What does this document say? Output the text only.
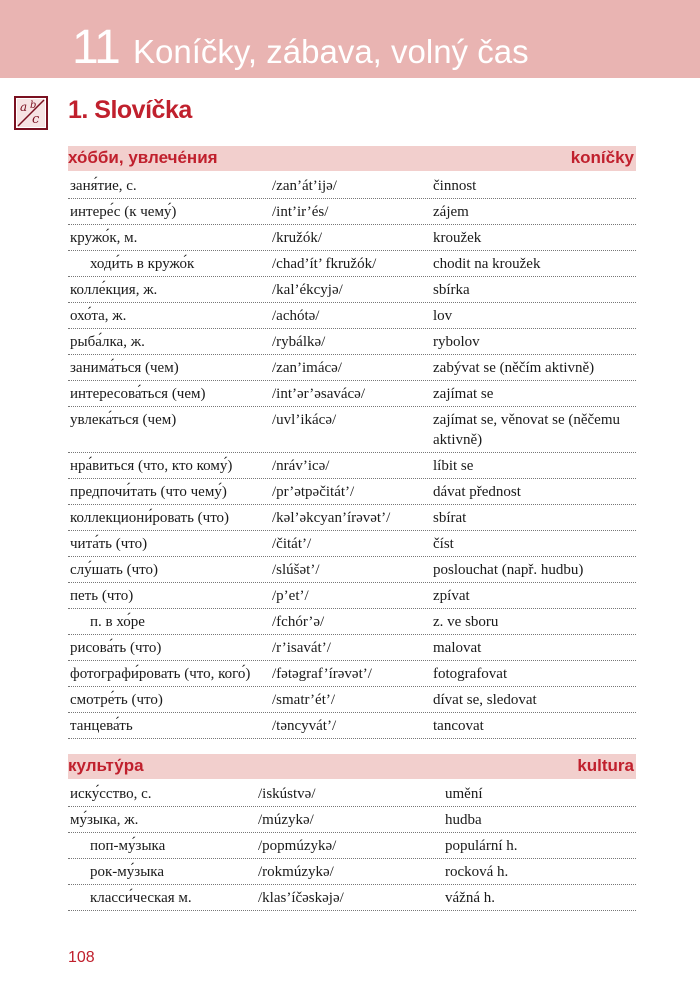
11 Koníčky, zábava, volný čas
a b
c 1. Slovíčka
хо́бби, увлече́ния	koníčky
заня́тие, с.	/zan’át’ijǝ/	činnost
интере́с (к чему́)	/int’ir’és/	zájem
кружо́к, м.	/kružók/	kroužek
ходи́ть в кружо́к	/chad’ít’ fkružók/	chodit na kroužek
колле́кция, ж.	/kal’ékcyjǝ/	sbírka
охо́та, ж.	/achótǝ/	lov
рыба́лка, ж.	/rybálkǝ/	rybolov
занима́ться (чем)	/zan’imácǝ/	zabývat se (něčím aktivně)
интересова́ться (чем)	/int’ǝr’ǝsavácǝ/	zajímat se
увлека́ться (чем)	/uvl’ikácǝ/	zajímat se, věnovat se (něčemu aktivně)
нра́виться (что, кто кому́)	/nráv’icǝ/	líbit se
предпочи́тать (что чему́)	/pr’ǝtpǝčitát’/	dávat přednost
коллекциони́ровать (что)	/kǝl’ǝkcyan’írǝvǝt’/	sbírat
чита́ть (что)	/čitát’/	číst
слу́шать (что)	/slúšǝt’/	poslouchat (např. hudbu)
петь (что)	/p’et’/	zpívat
п. в хо́ре	/fchór’ǝ/	z. ve sboru
рисова́ть (что)	/r’isavát’/	malovat
фотографи́ровать (что, кого́) /fǝtǝgraf’írǝvǝt’/	fotografovat
смотре́ть (что)	/smatr’ét’/	dívat se, sledovat
танцева́ть	/tǝncyvát’/	tancovat
культу́ра	kultura
иску́сство, с.	/iskústvǝ/	umění
му́зыка, ж.	/múzykǝ/	hudba
поп-му́зыка	/popmúzykǝ/	populární h.
рок-му́зыка	/rokmúzykǝ/	rocková h.
класси́ческая м.	/klas’íčǝskǝjǝ/	vážná h.
108
